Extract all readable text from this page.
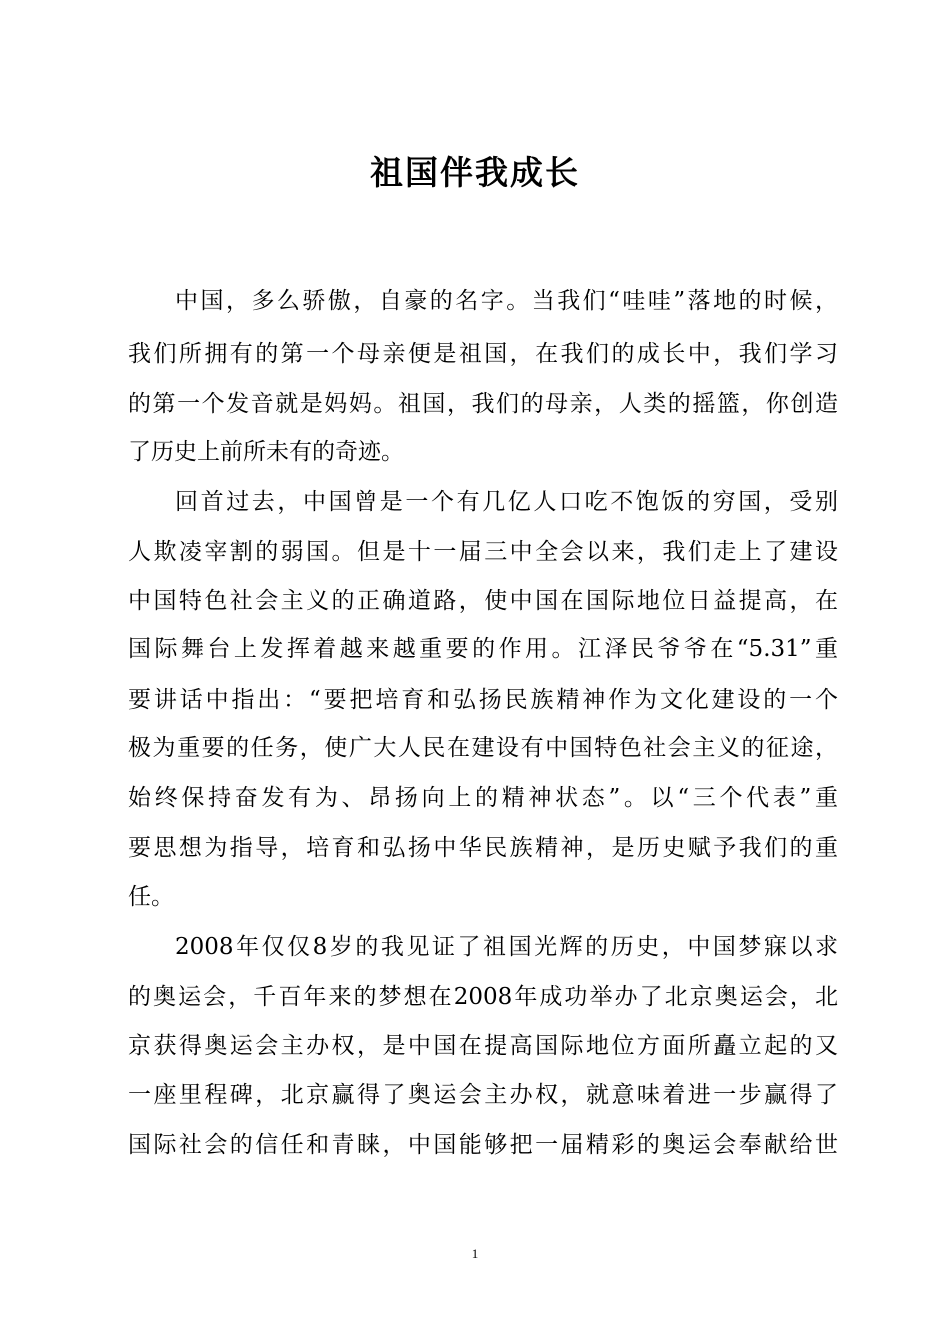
祖国伴我成长
中国，多么骄傲，自豪的名字。当我们“哇哇”落地的时候，
我们所拥有的第一个母亲便是祖国，在我们的成长中，我们学习
的第一个发音就是妈妈。祖国，我们的母亲，人类的摇篮，你创造
了历史上前所未有的奇迹。
回首过去，中国曾是一个有几亿人口吃不饱饭的穷国，受别
人欺凌宰割的弱国。但是十一届三中全会以来，我们走上了建设
中国特色社会主义的正确道路，使中国在国际地位日益提高，在
国际舞台上发挥着越来越重要的作用。江泽民爷爷在“5.31”重
要讲话中指出：“要把培育和弘扬民族精神作为文化建设的一个
极为重要的任务，使广大人民在建设有中国特色社会主义的征途，
始终保持奋发有为、昂扬向上的精神状态”。以“三个代表”重
要思想为指导，培育和弘扬中华民族精神，是历史赋予我们的重
任。
2008年仅仅8岁的我见证了祖国光辉的历史，中国梦寐以求
的奥运会，千百年来的梦想在2008年成功举办了北京奥运会，北
京获得奥运会主办权，是中国在提高国际地位方面所矗立起的又
一座里程碑，北京赢得了奥运会主办权，就意味着进一步赢得了
国际社会的信任和青睐，中国能够把一届精彩的奥运会奉献给世
1
